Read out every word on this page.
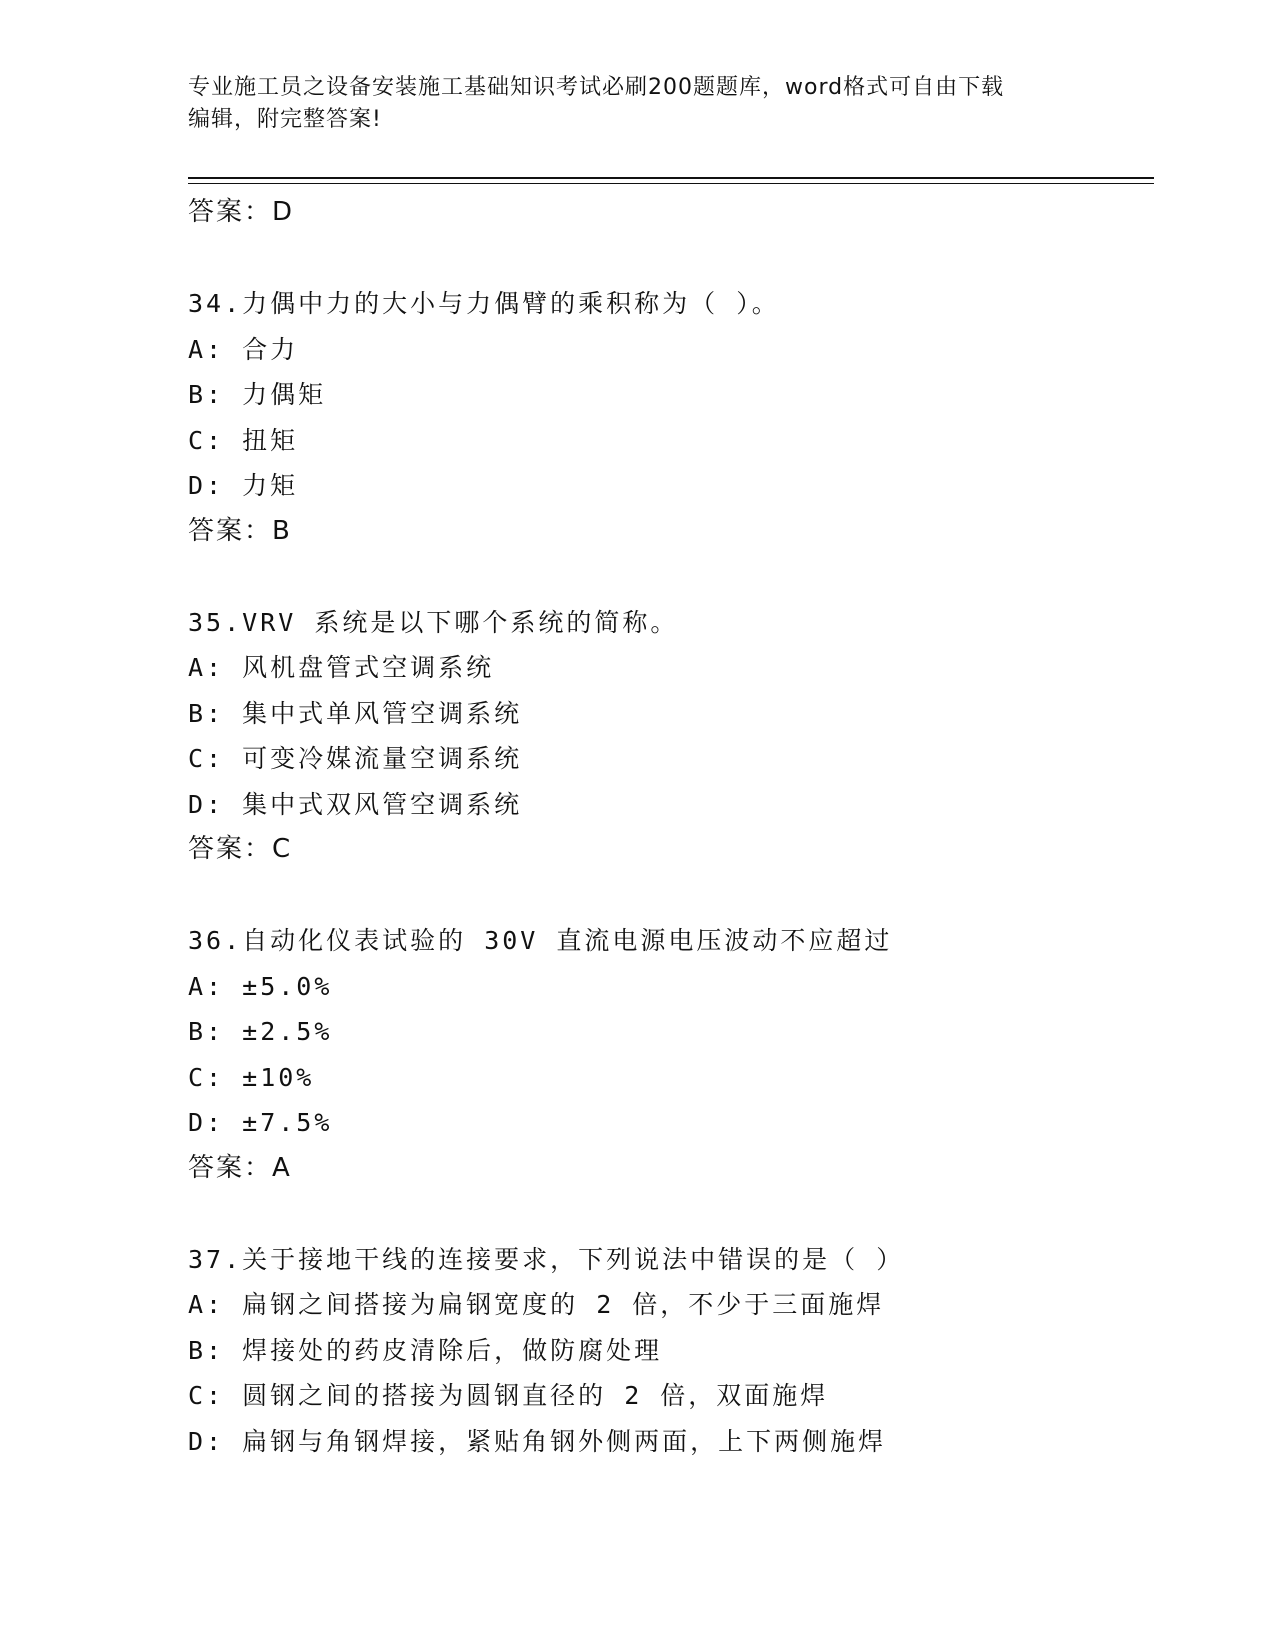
专业施工员之设备安装施工基础知识考试必刷200题题库，word格式可自由下载
编辑，附完整答案!
答案：D
34.力偶中力的大小与力偶臂的乘积称为（ ）。
A: 合力
B: 力偶矩
C: 扭矩
D: 力矩
答案：B
35.VRV 系统是以下哪个系统的简称。
A: 风机盘管式空调系统
B: 集中式单风管空调系统
C: 可变冷媒流量空调系统
D: 集中式双风管空调系统
答案：C
36.自动化仪表试验的 30V 直流电源电压波动不应超过
A: ±5.0%
B: ±2.5%
C: ±10%
D: ±7.5%
答案：A
37.关于接地干线的连接要求，下列说法中错误的是（ ）
A: 扁钢之间搭接为扁钢宽度的 2 倍，不少于三面施焊
B: 焊接处的药皮清除后，做防腐处理
C: 圆钢之间的搭接为圆钢直径的 2 倍，双面施焊
D: 扁钢与角钢焊接，紧贴角钢外侧两面，上下两侧施焊
